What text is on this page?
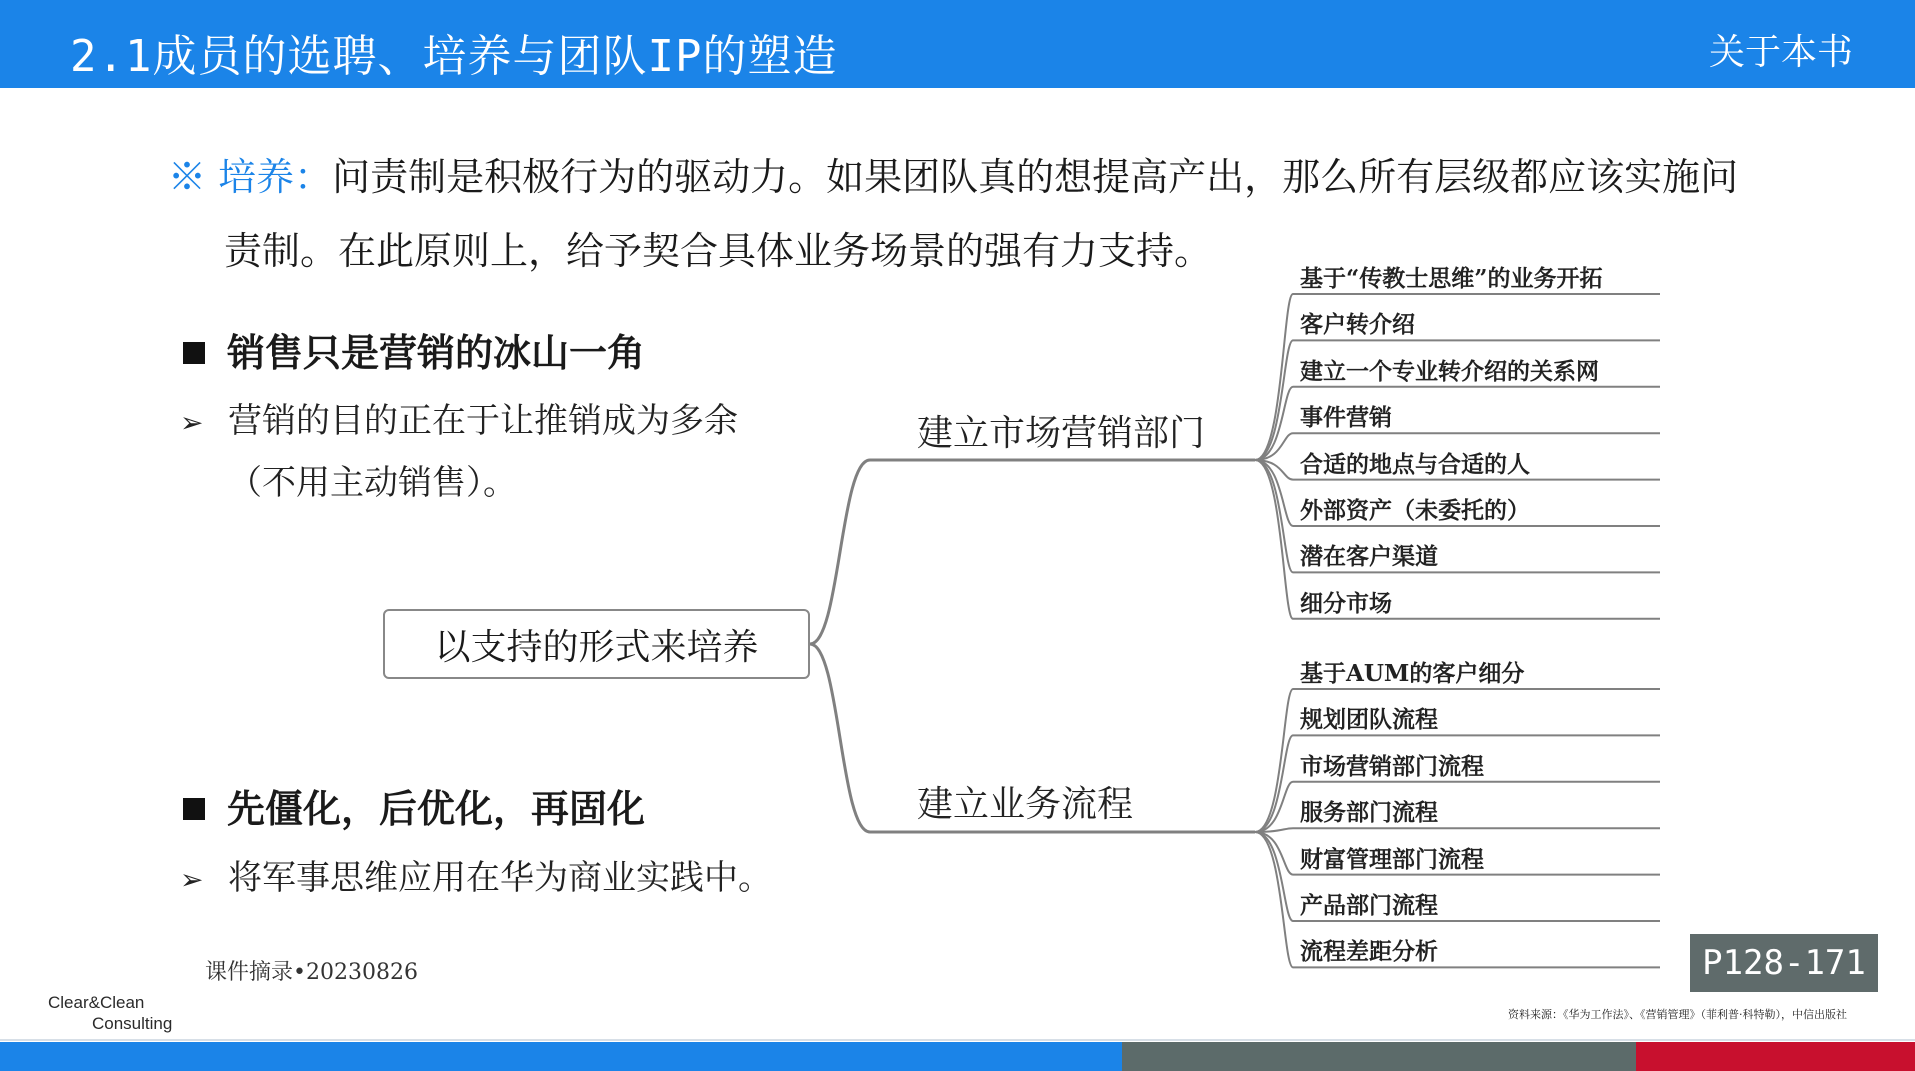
2.1成员的选聘、培养与团队IP的塑造	关于本书
※ 培养：问责制是积极行为的驱动力。如果团队真的想提高产出，那么所有层级都应该实施问
责制。在此原则上，给予契合具体业务场景的强有力支持。
销售只是营销的冰山一角
➢ 营销的目的正在于让推销成为多余
（不用主动销售）。
先僵化，后优化，再固化
➢ 将军事思维应用在华为商业实践中。
以支持的形式来培养
建立市场营销部门
建立业务流程
基于“传教士思维”的业务开拓
客户转介绍
建立一个专业转介绍的关系网
事件营销
合适的地点与合适的人
外部资产（未委托的）
潜在客户渠道
细分市场
基于AUM的客户细分
规划团队流程
市场营销部门流程
服务部门流程
财富管理部门流程
产品部门流程
流程差距分析
课件摘录•20230826
Clear&Clean
Consulting
P128-171
资料来源：《华为工作法》、《营销管理》（菲利普·科特勒），中信出版社
